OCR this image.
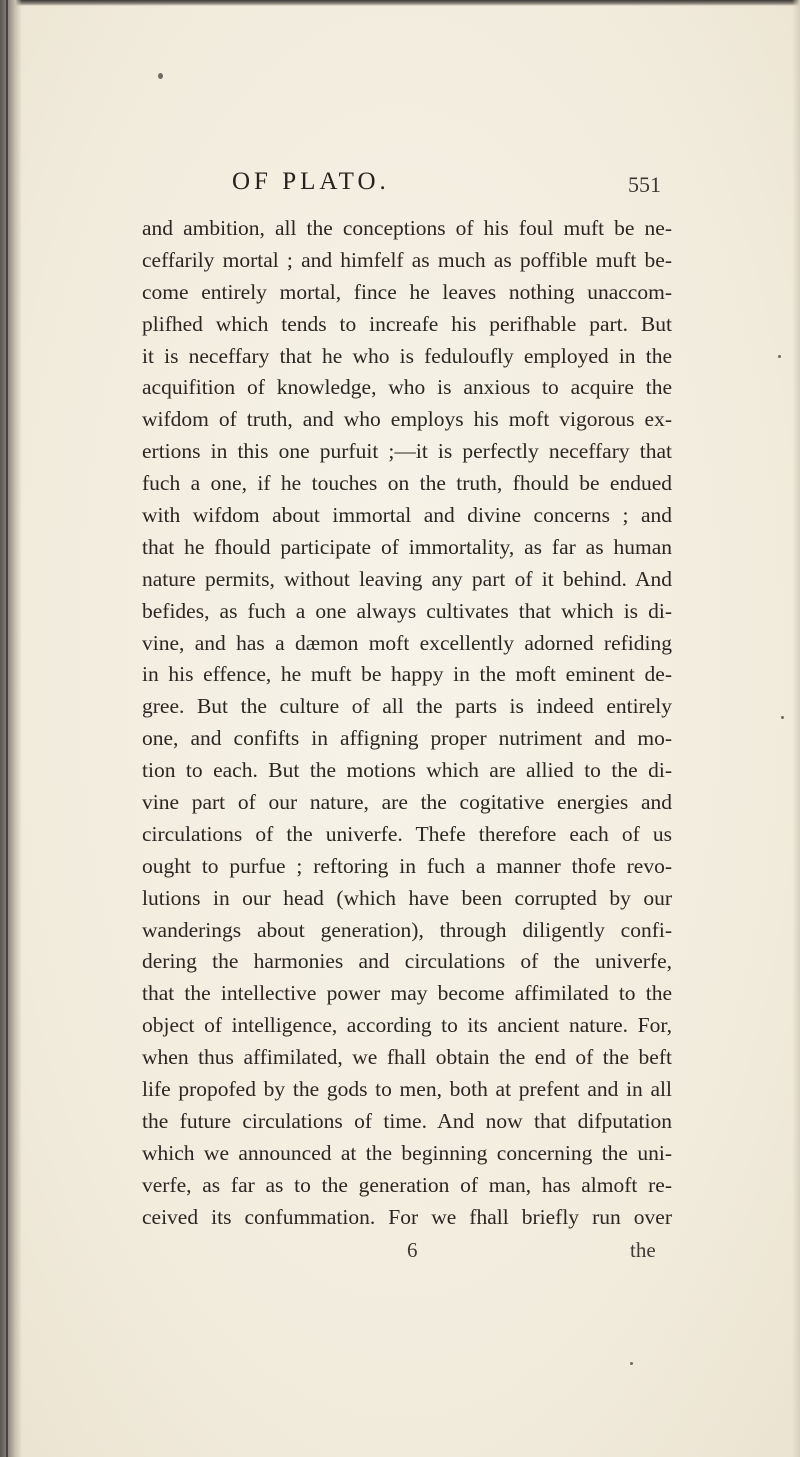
OF PLATO.	551
and ambition, all the conceptions of his foul muft be ne-
ceffarily mortal ; and himfelf as much as poffible muft be-
come entirely mortal, fince he leaves nothing unaccom-
plifhed which tends to increafe his perifhable part. But
it is neceffary that he who is feduloufly employed in the
acquifition of knowledge, who is anxious to acquire the
wifdom of truth, and who employs his moft vigorous ex-
ertions in this one purfuit ;—it is perfectly neceffary that
fuch a one, if he touches on the truth, fhould be endued
with wifdom about immortal and divine concerns ; and
that he fhould participate of immortality, as far as human
nature permits, without leaving any part of it behind. And
befides, as fuch a one always cultivates that which is di-
vine, and has a dæmon moft excellently adorned refiding
in his effence, he muft be happy in the moft eminent de-
gree. But the culture of all the parts is indeed entirely
one, and confifts in affigning proper nutriment and mo-
tion to each. But the motions which are allied to the di-
vine part of our nature, are the cogitative energies and
circulations of the univerfe. Thefe therefore each of us
ought to purfue ; reftoring in fuch a manner thofe revo-
lutions in our head (which have been corrupted by our
wanderings about generation), through diligently confi-
dering the harmonies and circulations of the univerfe,
that the intellective power may become affimilated to the
object of intelligence, according to its ancient nature. For,
when thus affimilated, we fhall obtain the end of the beft
life propofed by the gods to men, both at prefent and in all
the future circulations of time. And now that difputation
which we announced at the beginning concerning the uni-
verfe, as far as to the generation of man, has almoft re-
ceived its confummation. For we fhall briefly run over
6	the
